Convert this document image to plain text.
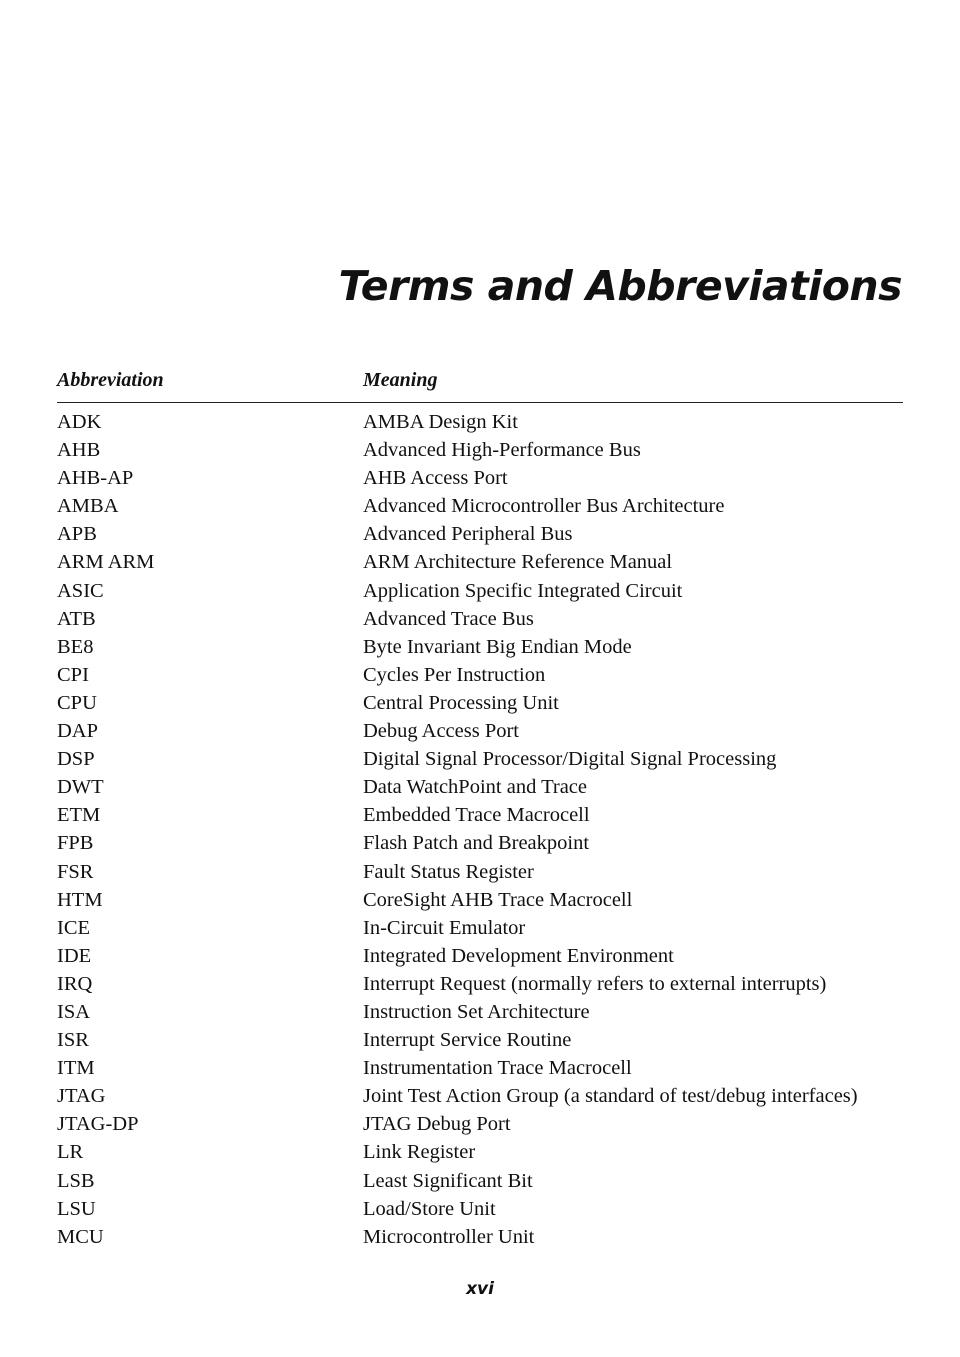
Terms and Abbreviations
Abbreviation	Meaning
ADK	AMBA Design Kit
AHB	Advanced High-Performance Bus
AHB-AP	AHB Access Port
AMBA	Advanced Microcontroller Bus Architecture
APB	Advanced Peripheral Bus
ARM ARM	ARM Architecture Reference Manual
ASIC	Application Specific Integrated Circuit
ATB	Advanced Trace Bus
BE8	Byte Invariant Big Endian Mode
CPI	Cycles Per Instruction
CPU	Central Processing Unit
DAP	Debug Access Port
DSP	Digital Signal Processor/Digital Signal Processing
DWT	Data WatchPoint and Trace
ETM	Embedded Trace Macrocell
FPB	Flash Patch and Breakpoint
FSR	Fault Status Register
HTM	CoreSight AHB Trace Macrocell
ICE	In-Circuit Emulator
IDE	Integrated Development Environment
IRQ	Interrupt Request (normally refers to external interrupts)
ISA	Instruction Set Architecture
ISR	Interrupt Service Routine
ITM	Instrumentation Trace Macrocell
JTAG	Joint Test Action Group (a standard of test/debug interfaces)
JTAG-DP	JTAG Debug Port
LR	Link Register
LSB	Least Significant Bit
LSU	Load/Store Unit
MCU	Microcontroller Unit
xvi
